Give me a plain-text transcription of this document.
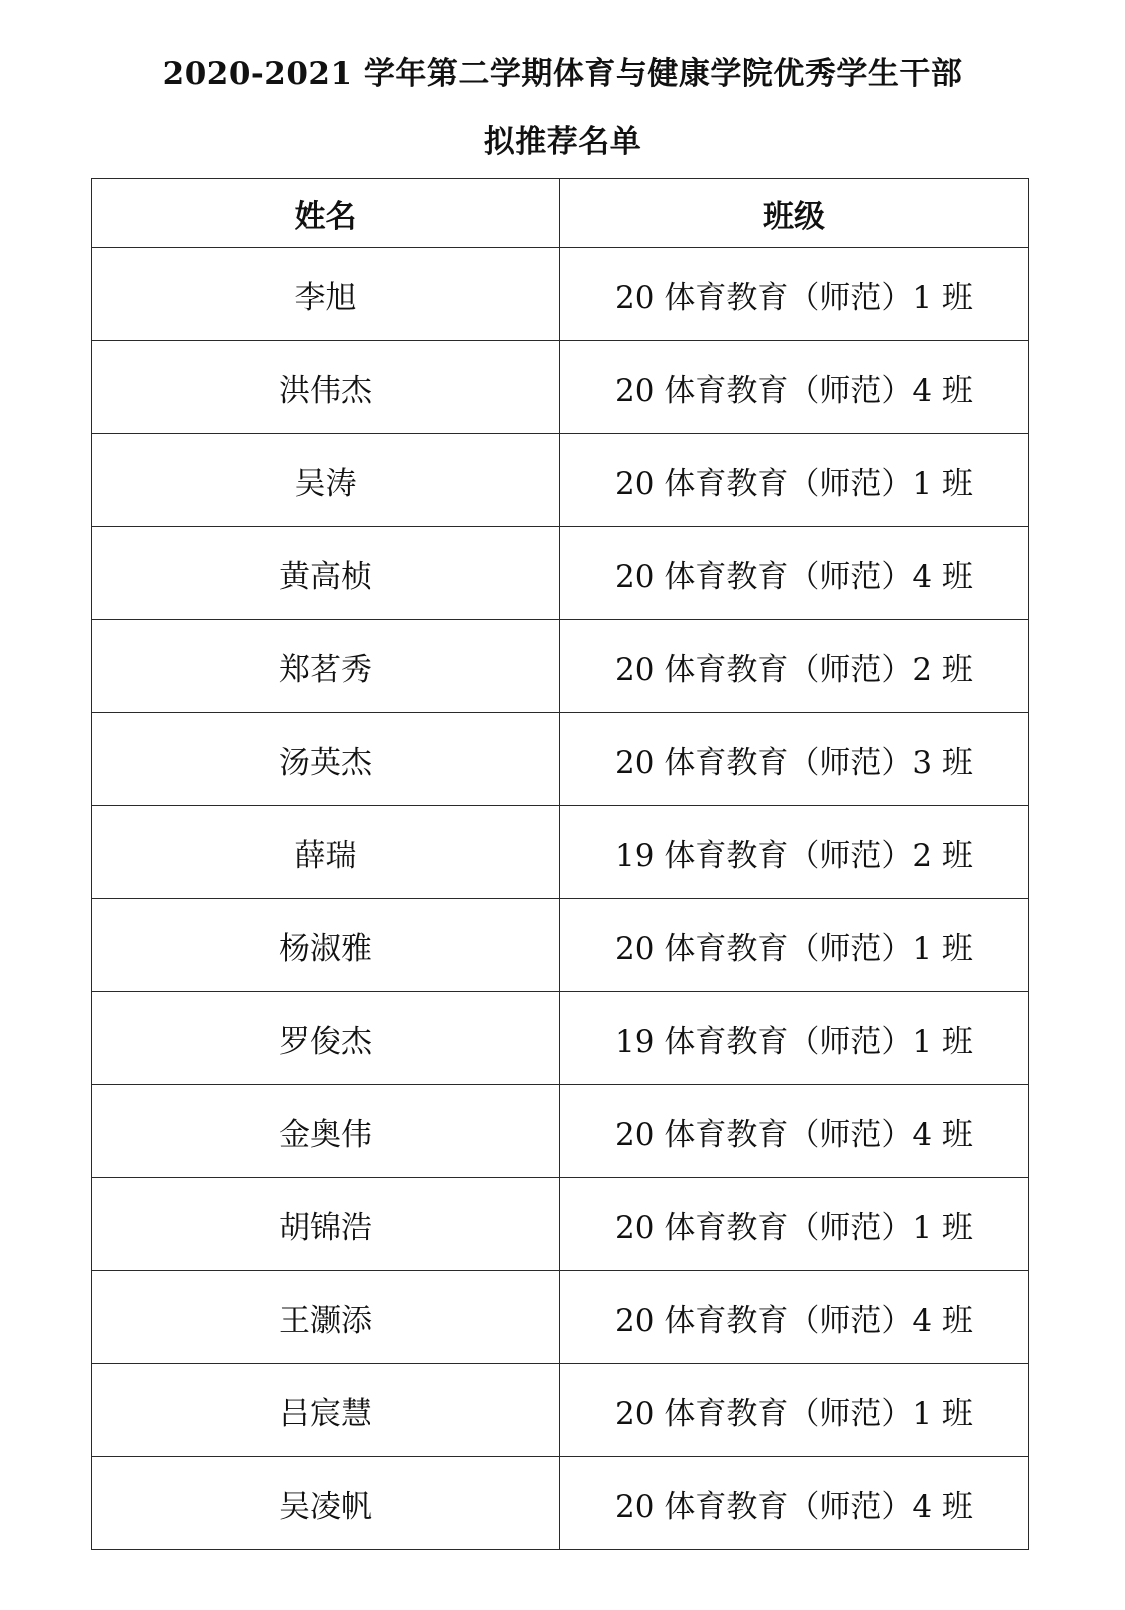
2020-2021 学年第二学期体育与健康学院优秀学生干部
拟推荐名单
姓名	班级
李旭	20 体育教育（师范）1 班
洪伟杰	20 体育教育（师范）4 班
吴涛	20 体育教育（师范）1 班
黄高桢	20 体育教育（师范）4 班
郑茗秀	20 体育教育（师范）2 班
汤英杰	20 体育教育（师范）3 班
薛瑞	19 体育教育（师范）2 班
杨淑雅	20 体育教育（师范）1 班
罗俊杰	19 体育教育（师范）1 班
金奥伟	20 体育教育（师范）4 班
胡锦浩	20 体育教育（师范）1 班
王灏添	20 体育教育（师范）4 班
吕宸慧	20 体育教育（师范）1 班
吴凌帆	20 体育教育（师范）4 班
